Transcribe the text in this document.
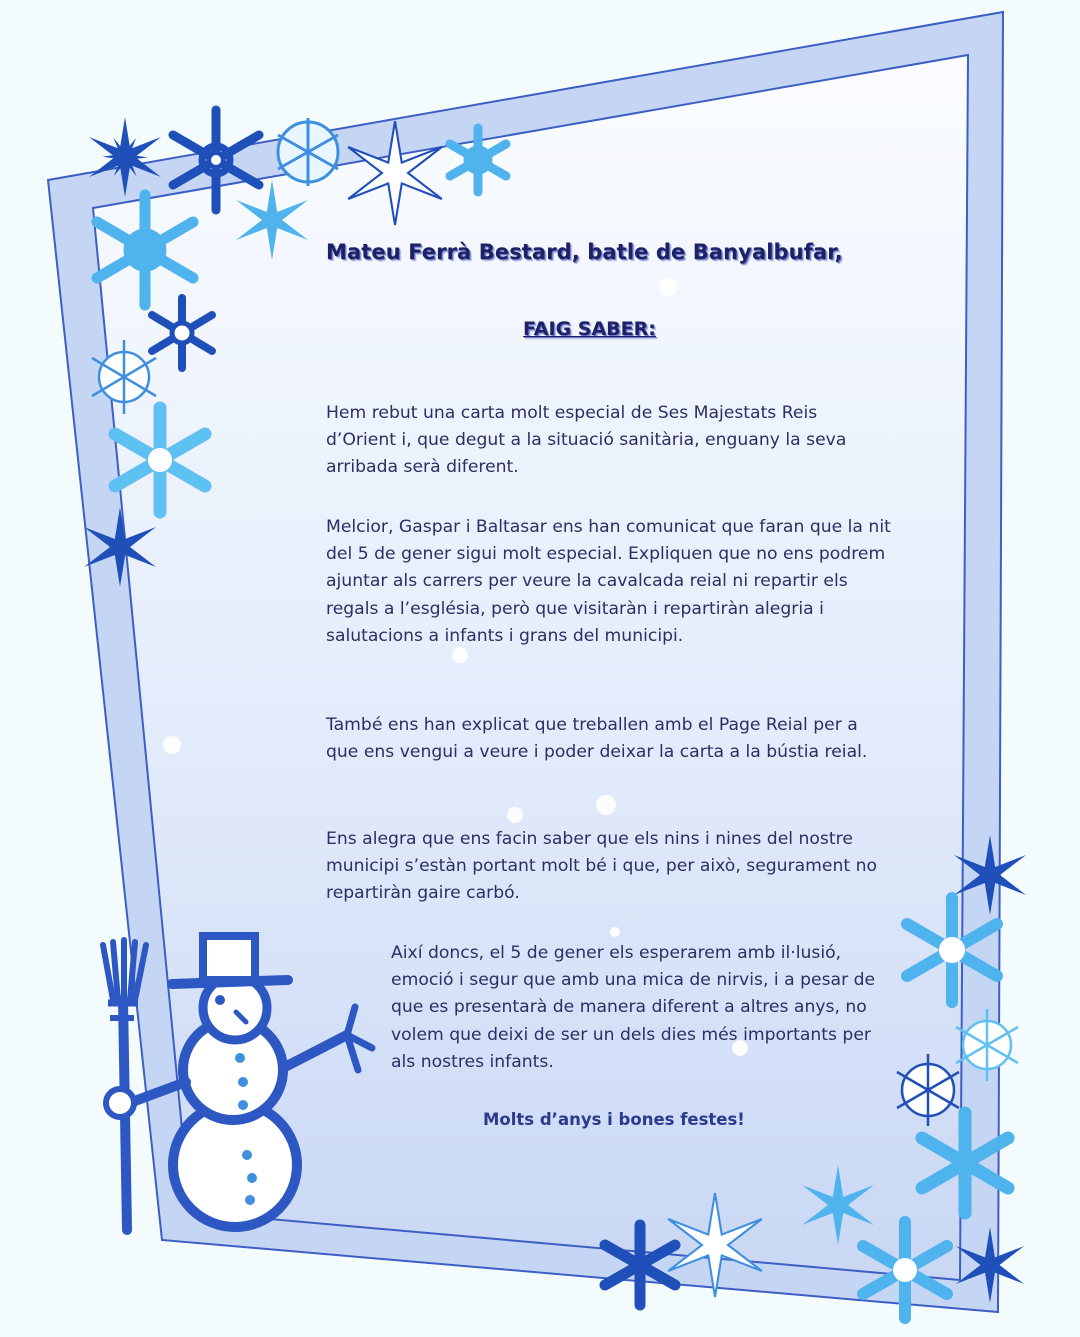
Mateu Ferrà Bestard, batle de Banyalbufar,
FAIG SABER:
Hem rebut una carta molt especial de Ses Majestats Reis d’Orient i, que degut a la situació sanitària, enguany la seva arribada serà diferent.
Melcior, Gaspar i Baltasar ens han comunicat que faran que la nit del 5 de gener sigui molt especial. Expliquen que no ens podrem ajuntar als carrers per veure la cavalcada reial ni repartir els regals a l’església, però que visitaràn i repartiràn alegria i salutacions a infants i grans del municipi.
També ens han explicat que treballen amb el Page Reial per a que ens vengui a veure i poder deixar la carta a la bústia reial.
Ens alegra que ens facin saber que els nins i nines del nostre municipi s’estàn portant molt bé i que, per això, segurament no repartiràn gaire carbó.
Així doncs, el 5 de gener els esperarem amb il·lusió, emoció i segur que amb una mica de nirvis, i a pesar de que es presentarà de manera diferent a altres anys, no volem que deixi de ser un dels dies més importants per als nostres infants.
Molts d’anys i bones festes!
